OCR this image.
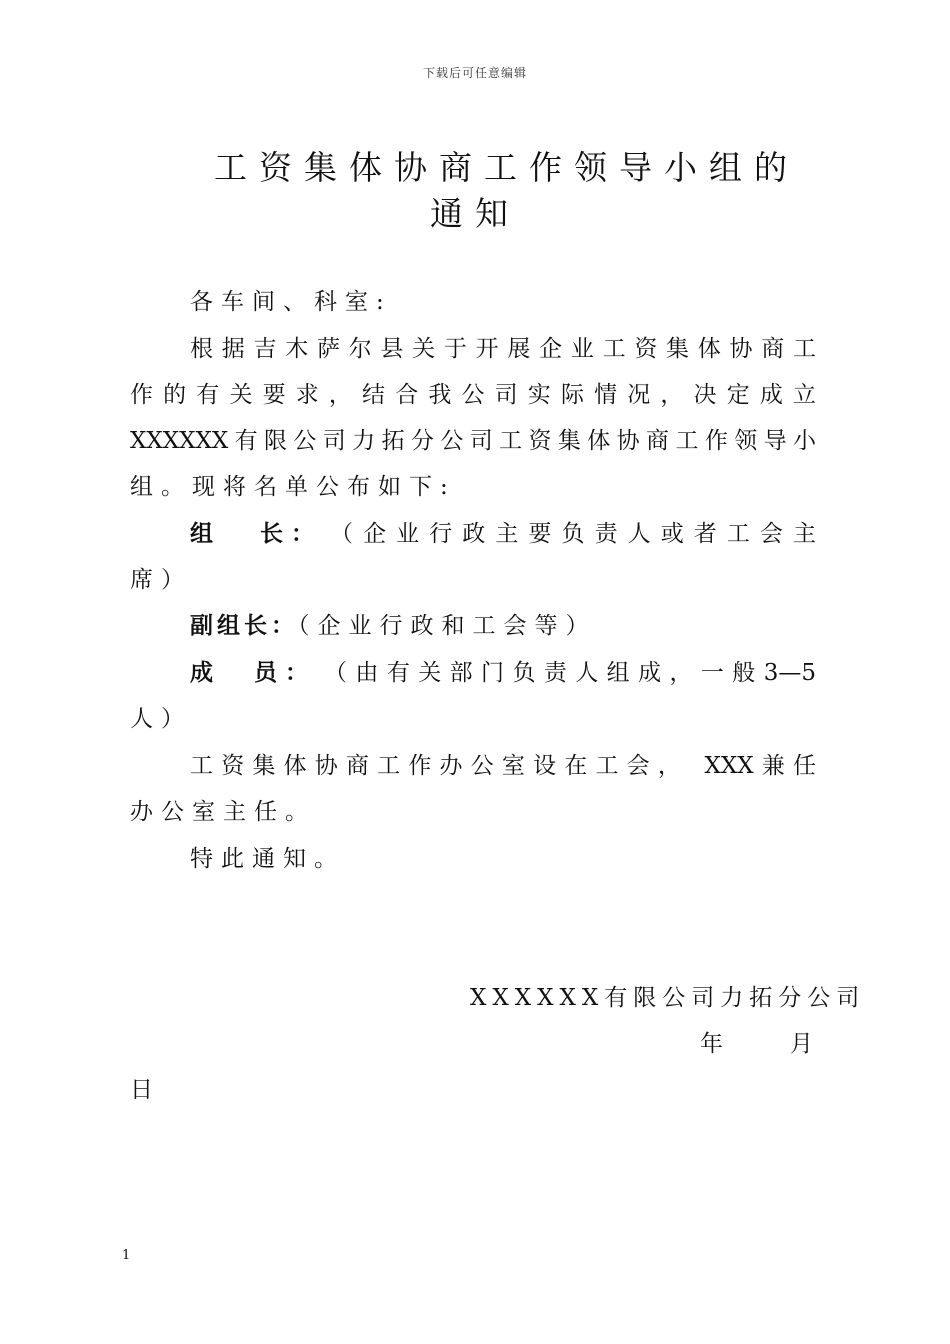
下载后可任意编辑
工资集体协商工作领导小组的
通知
各车间、科室:
根据吉木萨尔县关于开展企业工资集体协商工
作的有关要求，结合我公司实际情况，决定成立
XXXXXX有限公司力拓分公司工资集体协商工作领导小
组。现将名单公布如下:
组 长： （企业行政主要负责人或者工会主
席）
副组长：（企业行政和工会等）
成 员： （由有关部门负责人组成，一般3—5
人）
工资集体协商工作办公室设在工会， XXX兼任
办公室主任。
特此通知。
XXXXXX有限公司力拓分公司
年	月
日
1
